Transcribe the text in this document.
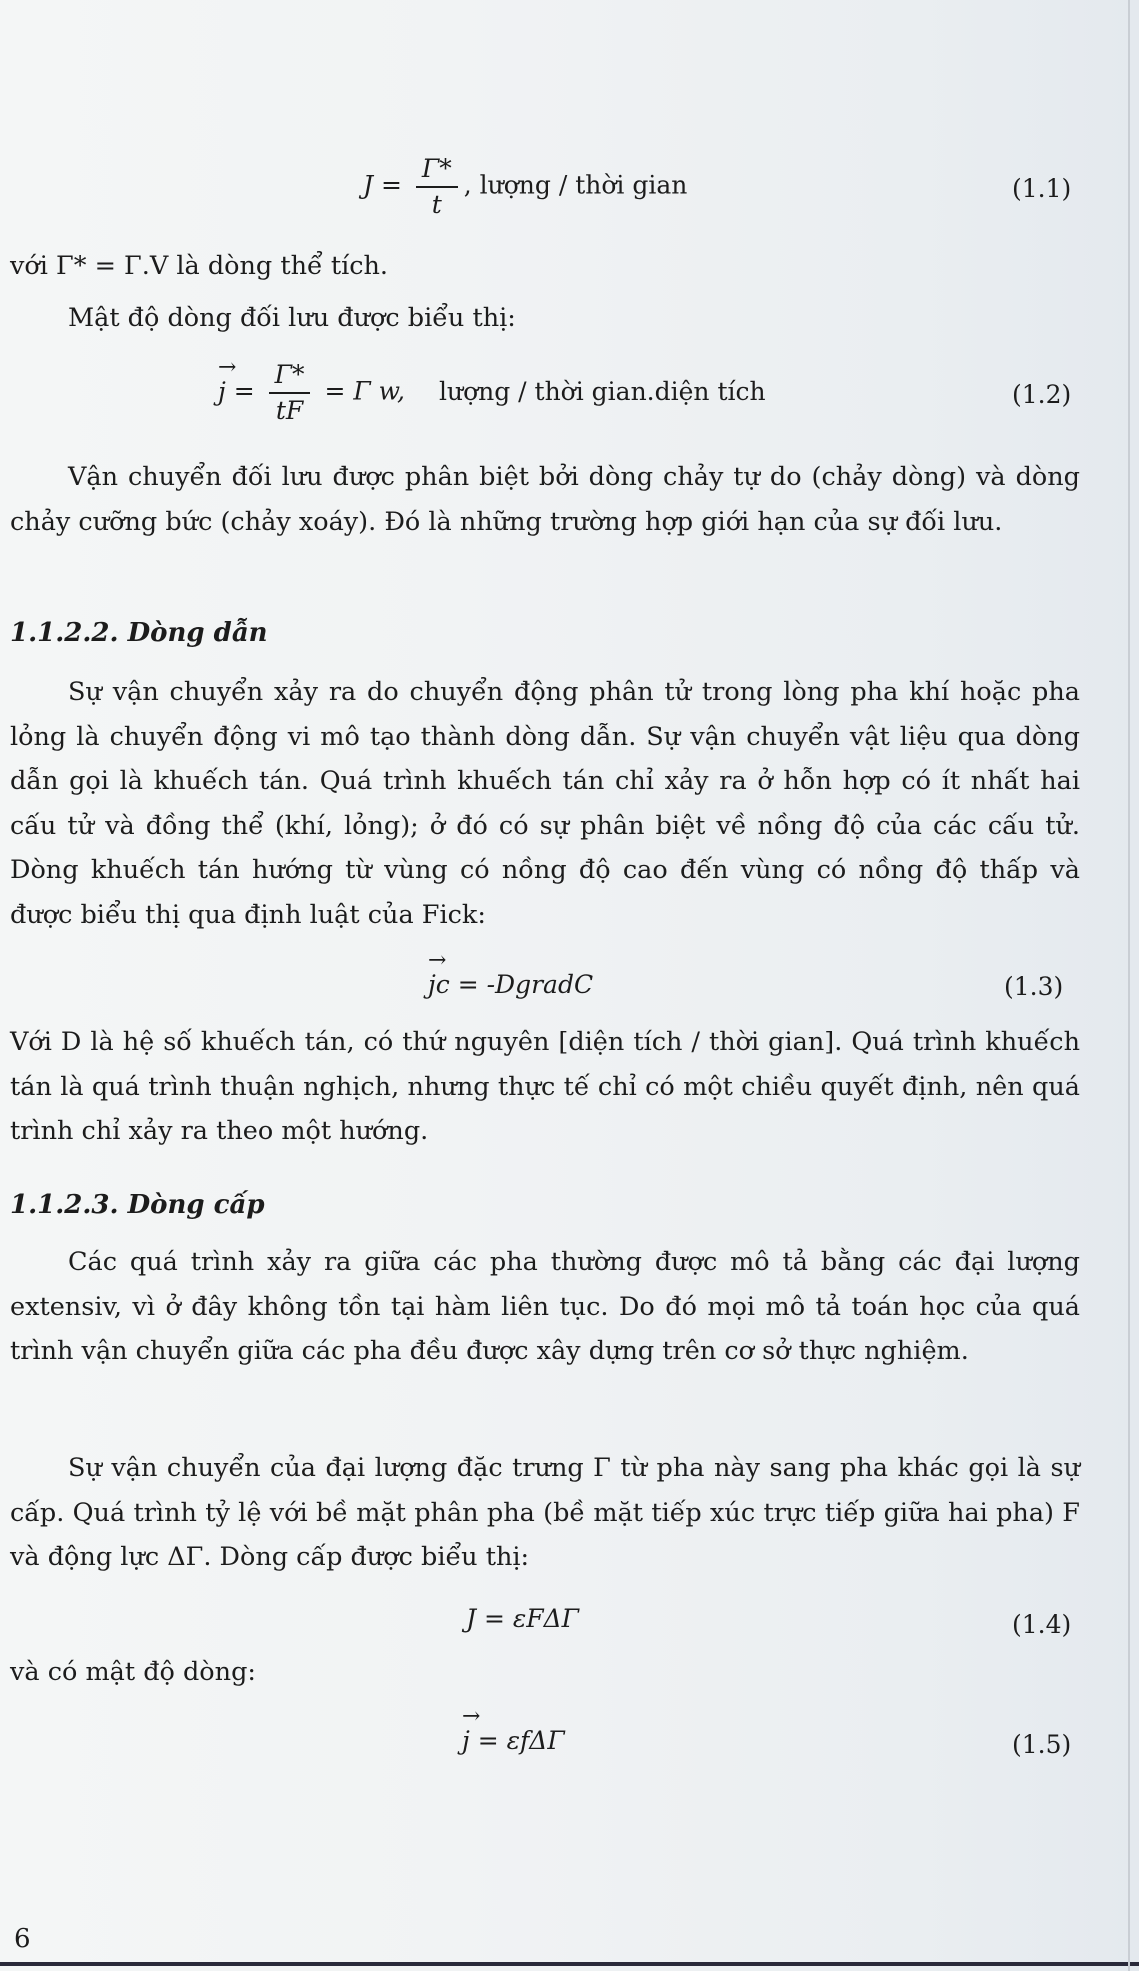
$J = \frac{\Gamma*}{t}$ , lượng / thời gian	(1.1)

với Γ* = Γ.V là dòng thể tích.

Mật độ dòng đối lưu được biểu thị:

→ $j = \frac{\Gamma*}{tF} = \Gamma$ w, lượng / thời gian.diện tích	(1.2)

Vận chuyển đối lưu được phân biệt bởi dòng chảy tự do (chảy dòng) và dòng chảy cưỡng bức (chảy xoáy). Đó là những trường hợp giới hạn của sự đối lưu.

1.1.2.2. Dòng dẫn

Sự vận chuyển xảy ra do chuyển động phân tử trong lòng pha khí hoặc pha lỏng là chuyển động vi mô tạo thành dòng dẫn. Sự vận chuyển vật liệu qua dòng dẫn gọi là khuếch tán. Quá trình khuếch tán chỉ xảy ra ở hỗn hợp có ít nhất hai cấu tử và đồng thể (khí, lỏng); ở đó có sự phân biệt về nồng độ của các cấu tử. Dòng khuếch tán hướng từ vùng có nồng độ cao đến vùng có nồng độ thấp và được biểu thị qua định luật của Fick:

→ jc = -DgradC	(1.3)

Với D là hệ số khuếch tán, có thứ nguyên [diện tích / thời gian]. Quá trình khuếch tán là quá trình thuận nghịch, nhưng thực tế chỉ có một chiều quyết định, nên quá trình chỉ xảy ra theo một hướng.

1.1.2.3. Dòng cấp

Các quá trình xảy ra giữa các pha thường được mô tả bằng các đại lượng extensiv, vì ở đây không tồn tại hàm liên tục. Do đó mọi mô tả toán học của quá trình vận chuyển giữa các pha đều được xây dựng trên cơ sở thực nghiệm.

Sự vận chuyển của đại lượng đặc trưng Γ từ pha này sang pha khác gọi là sự cấp. Quá trình tỷ lệ với bề mặt phân pha (bề mặt tiếp xúc trực tiếp giữa hai pha) F và động lực ΔΓ. Dòng cấp được biểu thị:

J = εFΔΓ	(1.4)

và có mật độ dòng:

→ j = εfΔΓ	(1.5)
6
